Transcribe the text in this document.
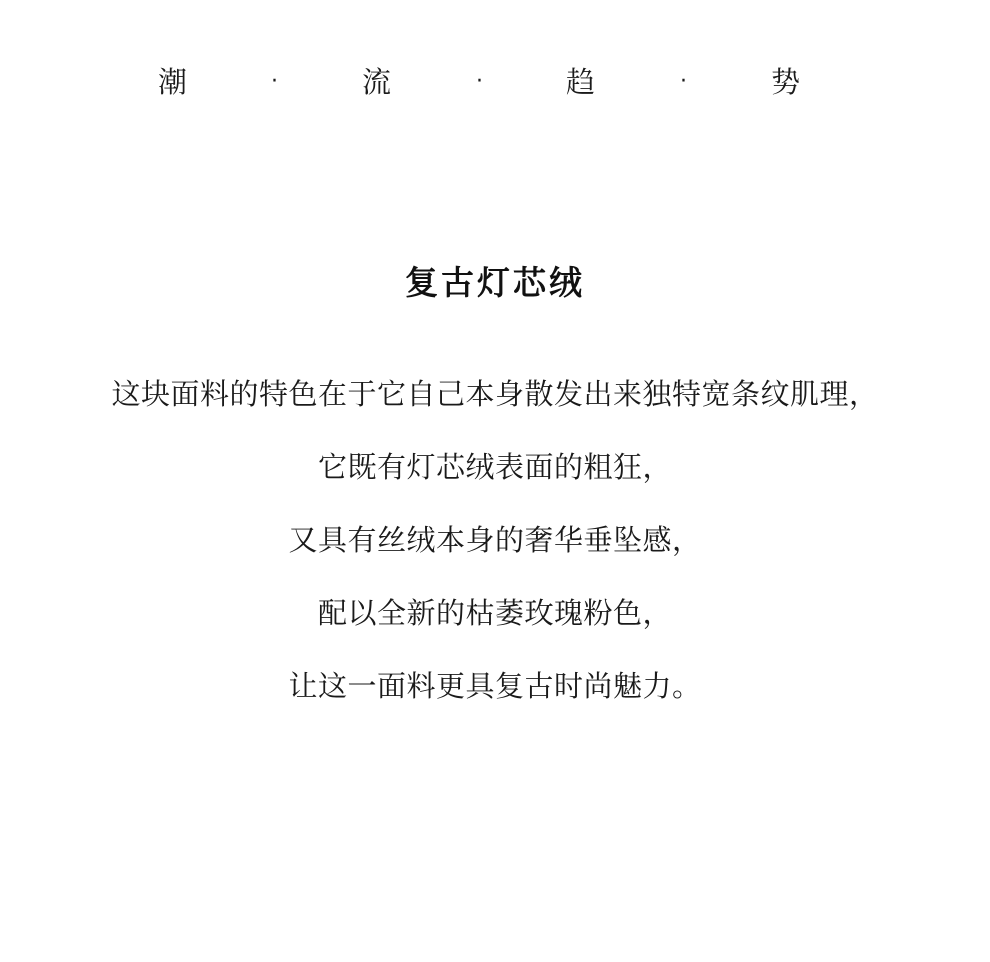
潮	·	流	·	趋	·	势
复古灯芯绒
这块面料的特色在于它自己本身散发出来独特宽条纹肌理，
它既有灯芯绒表面的粗狂，
又具有丝绒本身的奢华垂坠感，
配以全新的枯萎玫瑰粉色，
让这一面料更具复古时尚魅力。
